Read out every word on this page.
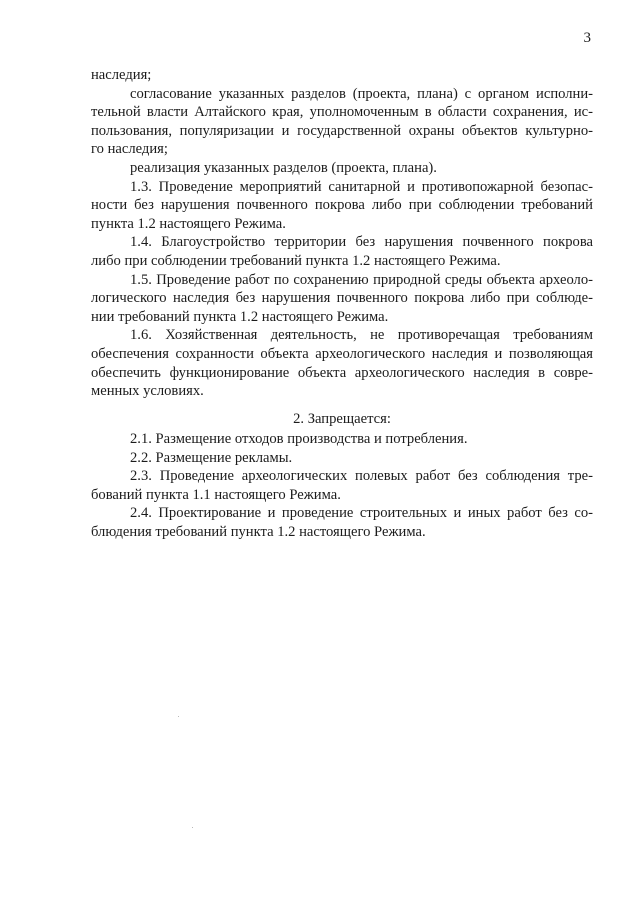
3
наследия;
согласование указанных разделов (проекта, плана) с органом исполни-
тельной власти Алтайского края, уполномоченным в области сохранения, ис-
пользования, популяризации и государственной охраны объектов культурно-
го наследия;
реализация указанных разделов (проекта, плана).
1.3. Проведение мероприятий санитарной и противопожарной безопас-
ности без нарушения почвенного покрова либо при соблюдении требований
пункта 1.2 настоящего Режима.
1.4. Благоустройство территории без нарушения почвенного покрова
либо при соблюдении требований пункта 1.2 настоящего Режима.
1.5. Проведение работ по сохранению природной среды объекта археоло-
логического наследия без нарушения почвенного покрова либо при соблюде-
нии требований пункта 1.2 настоящего Режима.
1.6. Хозяйственная деятельность, не противоречащая требованиям
обеспечения сохранности объекта археологического наследия и позволяющая
обеспечить функционирование объекта археологического наследия в совре-
менных условиях.
2. Запрещается:
2.1. Размещение отходов производства и потребления.
2.2. Размещение рекламы.
2.3. Проведение археологических полевых работ без соблюдения тре-
бований пункта 1.1 настоящего Режима.
2.4. Проектирование и проведение строительных и иных работ без со-
блюдения требований пункта 1.2 настоящего Режима.
